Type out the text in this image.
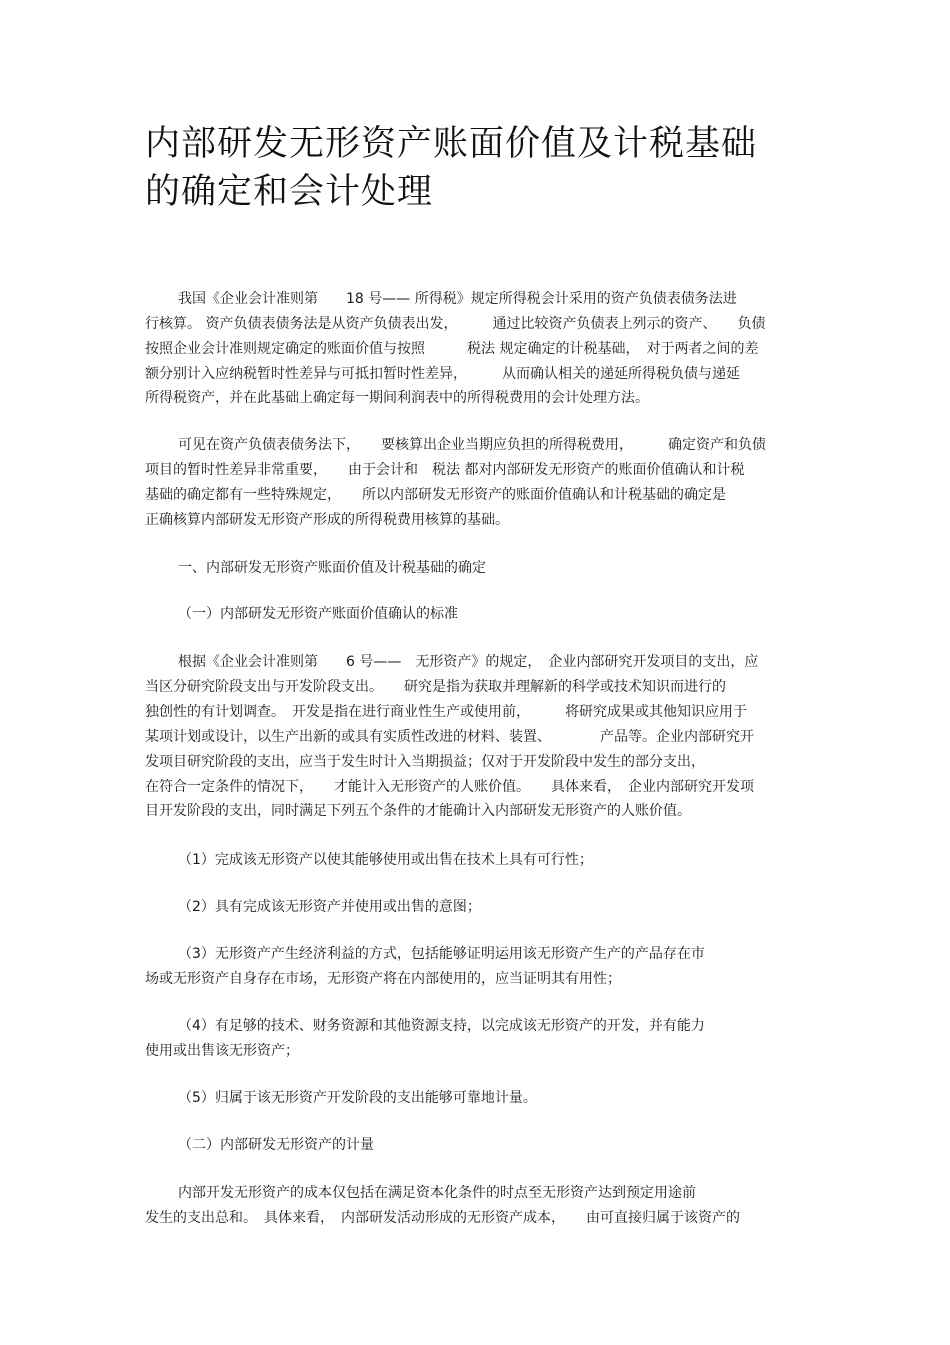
内部研发无形资产账面价值及计税基础
的确定和会计处理
我国《企业会计准则第　　18 号—— 所得税》规定所得税会计采用的资产负债表债务法进
行核算。 资产负债表债务法是从资产负债表出发，　　　通过比较资产负债表上列示的资产、　　负债
按照企业会计准则规定确定的账面价值与按照　　　税法 规定确定的计税基础，　对于两者之间的差
额分别计入应纳税暂时性差异与可抵扣暂时性差异，　　　从而确认相关的递延所得税负债与递延
所得税资产，并在此基础上确定每一期间利润表中的所得税费用的会计处理方法。
可见在资产负债表债务法下，　　要核算出企业当期应负担的所得税费用，　　　确定资产和负债
项目的暂时性差异非常重要，　　由于会计和　税法 都对内部研发无形资产的账面价值确认和计税
基础的确定都有一些特殊规定，　　所以内部研发无形资产的账面价值确认和计税基础的确定是
正确核算内部研发无形资产形成的所得税费用核算的基础。
一、内部研发无形资产账面价值及计税基础的确定
（一）内部研发无形资产账面价值确认的标准
根据《企业会计准则第　　6 号——　无形资产》的规定，　企业内部研究开发项目的支出，应
当区分研究阶段支出与开发阶段支出。　　研究是指为获取并理解新的科学或技术知识而进行的
独创性的有计划调查。　开发是指在进行商业性生产或使用前，　　　将研究成果或其他知识应用于
某项计划或设计，以生产出新的或具有实质性改进的材料、装置、　　　　产品等。企业内部研究开
发项目研究阶段的支出，应当于发生时计入当期损益；仅对于开发阶段中发生的部分支出，
在符合一定条件的情况下，　　才能计入无形资产的人账价值。　　具体来看，　企业内部研究开发项
目开发阶段的支出，同时满足下列五个条件的才能确计入内部研发无形资产的人账价值。
（1）完成该无形资产以使其能够使用或出售在技术上具有可行性；
（2）具有完成该无形资产并使用或出售的意图；
（3）无形资产产生经济利益的方式，包括能够证明运用该无形资产生产的产品存在市
场或无形资产自身存在市场，无形资产将在内部使用的，应当证明其有用性；
（4）有足够的技术、财务资源和其他资源支持，以完成该无形资产的开发，并有能力
使用或出售该无形资产；
（5）归属于该无形资产开发阶段的支出能够可靠地计量。
（二）内部研发无形资产的计量
内部开发无形资产的成本仅包括在满足资本化条件的时点至无形资产达到预定用途前
发生的支出总和。　具体来看，　内部研发活动形成的无形资产成本，　　由可直接归属于该资产的
